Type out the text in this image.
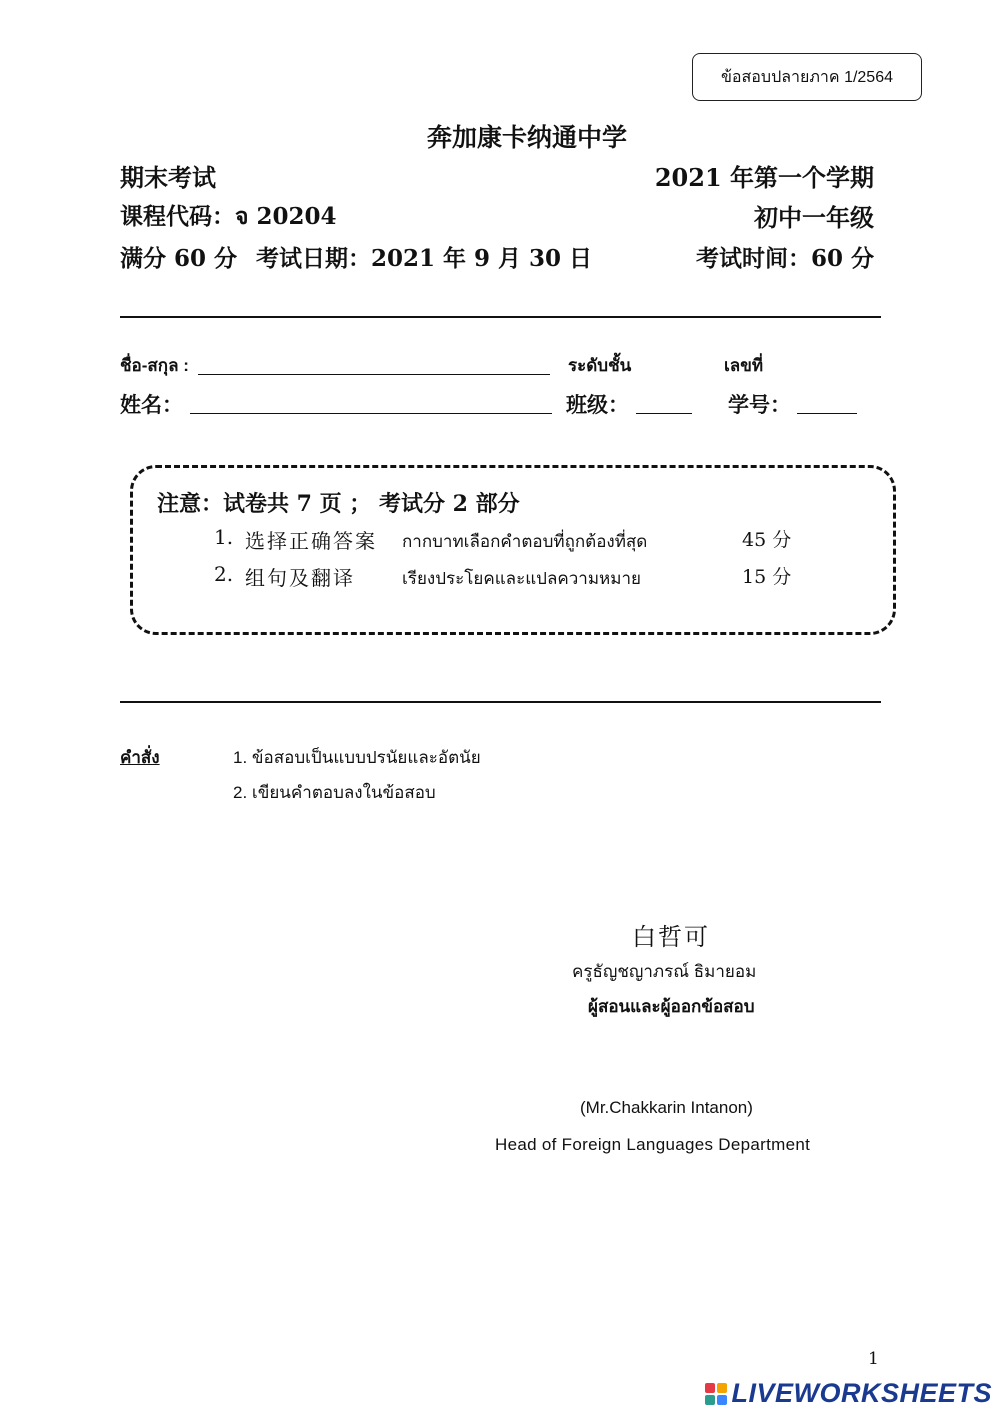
ข้อสอบปลายภาค 1/2564
奔加康卡纳通中学
期末考试	2021 年第一个学期
课程代码：จ 20204	初中一年级
满分 60 分 考试日期：2021 年 9 月 30 日	考试时间：60 分
ชื่อ-สกุล :	ระดับชั้น	เลขที่
姓名：	班级：	学号：
注意：试卷共 7 页 ； 考试分 2 部分
1. 选择正确答案 กากบาทเลือกคำตอบที่ถูกต้องที่สุด	45 分
2. 组句及翻译	เรียงประโยคและแปลความหมาย	15 分
คำสั่ง	1. ข้อสอบเป็นแบบปรนัยและอัตนัย
2. เขียนคำตอบลงในข้อสอบ
白哲可
ครูธัญชญาภรณ์ ธิมายอม
ผู้สอนและผู้ออกข้อสอบ
(Mr.Chakkarin Intanon)
Head of Foreign Languages Department
1
LIVEWORKSHEETS
